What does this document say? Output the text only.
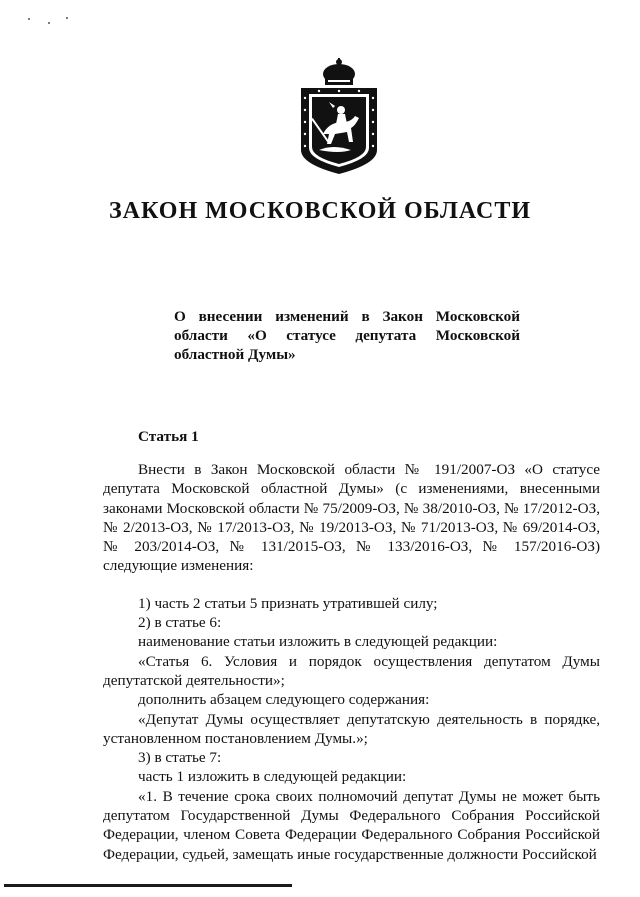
ЗАКОН МОСКОВСКОЙ ОБЛАСТИ

О внесении изменений в Закон Московской области «О статусе депутата Московской областной Думы»

Статья 1

Внести в Закон Московской области № 191/2007-ОЗ «О статусе депутата Московской областной Думы» (с изменениями, внесенными законами Московской области № 75/2009-ОЗ, № 38/2010-ОЗ, № 17/2012-ОЗ, № 2/2013-ОЗ, № 17/2013-ОЗ, № 19/2013-ОЗ, № 71/2013-ОЗ, № 69/2014-ОЗ, № 203/2014-ОЗ, № 131/2015-ОЗ, № 133/2016-ОЗ, № 157/2016-ОЗ) следующие изменения:

1) часть 2 статьи 5 признать утратившей силу;

2) в статье 6:

наименование статьи изложить в следующей редакции:

«Статья 6. Условия и порядок осуществления депутатом Думы депутатской деятельности»;

дополнить абзацем следующего содержания:

«Депутат Думы осуществляет депутатскую деятельность в порядке, установленном постановлением Думы.»;

3) в статье 7:

часть 1 изложить в следующей редакции:

«1. В течение срока своих полномочий депутат Думы не может быть депутатом Государственной Думы Федерального Собрания Российской Федерации, членом Совета Федерации Федерального Собрания Российской Федерации, судьей, замещать иные государственные должности Российской
